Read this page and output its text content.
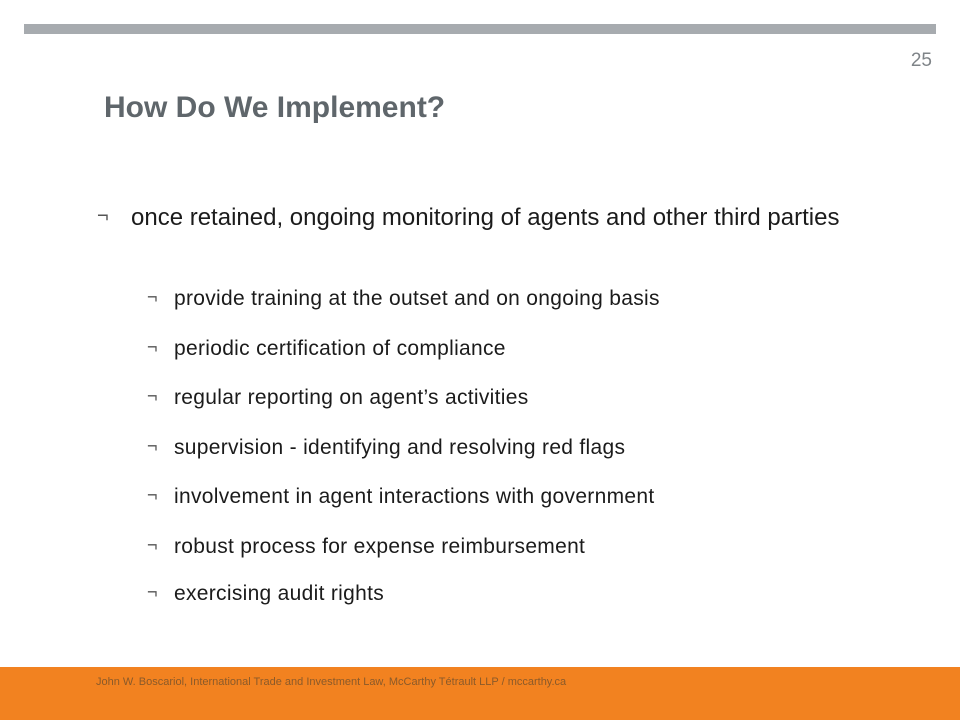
25
How Do We Implement?
¬ once retained, ongoing monitoring of agents and other third parties
¬ provide training at the outset and on ongoing basis
¬ periodic certification of compliance
¬ regular reporting on agent’s activities
¬ supervision - identifying and resolving red flags
¬ involvement in agent interactions with government
¬ robust process for expense reimbursement
¬ exercising audit rights
John W. Boscariol, International Trade and Investment Law, McCarthy Tétrault LLP / mccarthy.ca
